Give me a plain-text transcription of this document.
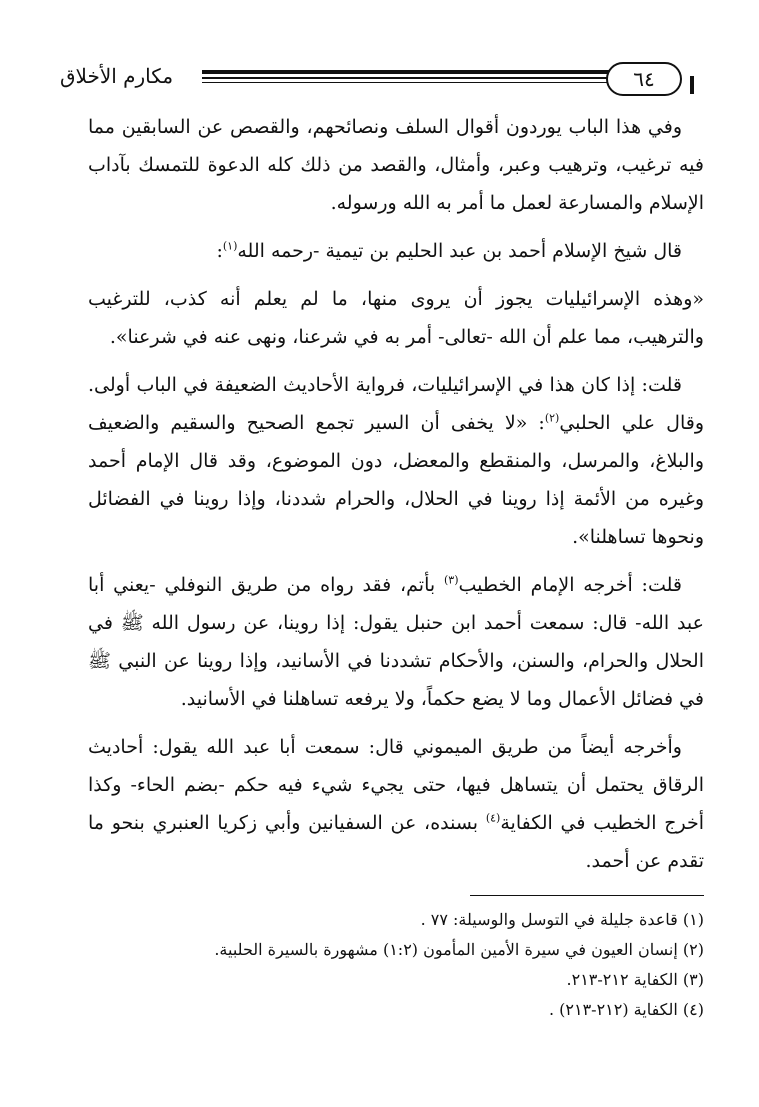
مكارم الأخلاق	٦٤

وفي هذا الباب يوردون أقوال السلف ونصائحهم، والقصص عن السابقين مما فيه ترغيب، وترهيب وعبر، وأمثال، والقصد من ذلك كله الدعوة للتمسك بآداب الإسلام والمسارعة لعمل ما أمر به الله ورسوله.

قال شيخ الإسلام أحمد بن عبد الحليم بن تيمية -رحمه الله$^{(١)}$:

«وهذه الإسرائيليات يجوز أن يروى منها، ما لم يعلم أنه كذب، للترغيب والترهيب، مما علم أن الله -تعالى- أمر به في شرعنا، ونهى عنه في شرعنا».

قلت: إذا كان هذا في الإسرائيليات، فرواية الأحاديث الضعيفة في الباب أولى. وقال علي الحلبي$^{(٢)}$: «لا يخفى أن السير تجمع الصحيح والسقيم والضعيف والبلاغ، والمرسل، والمنقطع والمعضل، دون الموضوع، وقد قال الإمام أحمد وغيره من الأئمة إذا روينا في الحلال، والحرام شددنا، وإذا روينا في الفضائل ونحوها تساهلنا».

قلت: أخرجه الإمام الخطيب$^{(٣)}$ بأتم، فقد رواه من طريق النوفلي -يعني أبا عبد الله- قال: سمعت أحمد ابن حنبل يقول: إذا روينا، عن رسول الله ﷺ في الحلال والحرام، والسنن، والأحكام تشددنا في الأسانيد، وإذا روينا عن النبي ﷺ في فضائل الأعمال وما لا يضع حكماً، ولا يرفعه تساهلنا في الأسانيد.

وأخرجه أيضاً من طريق الميموني قال: سمعت أبا عبد الله يقول: أحاديث الرقاق يحتمل أن يتساهل فيها، حتى يجيء شيء فيه حكم -بضم الحاء- وكذا أخرج الخطيب في الكفاية$^{(٤)}$ بسنده، عن السفيانين وأبي زكريا العنبري بنحو ما تقدم عن أحمد.

(١) قاعدة جليلة في التوسل والوسيلة: ٧٧ .
(٢) إنسان العيون في سيرة الأمين المأمون (١:٢) مشهورة بالسيرة الحلبية.
(٣) الكفاية ٢١٢-٢١٣.
(٤) الكفاية (٢١٢-٢١٣) .
